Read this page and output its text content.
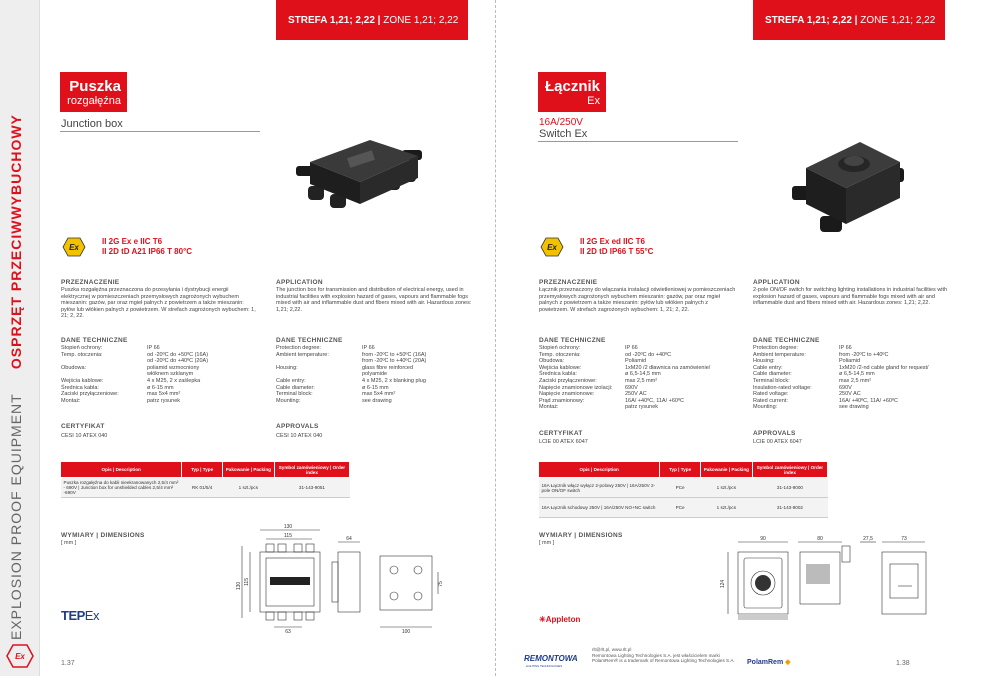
EXPLOSION PROOF EQUIPMENT     OSPRZĘT PRZECIWWYBUCHOWY
Ex
STREFA 1,21; 2,22 | ZONE 1,21; 2,22
Puszka
rozgałęźna
Junction box
Ex
II 2G Ex e IIC T6
II 2D tD A21 IP66 T 80°C
PRZEZNACZENIE
Puszka rozgałęźna przeznaczona do przesyłania i dystrybucji energii elektrycznej w pomieszczeniach przemysłowych zagrożonych wybuchem mieszanin: gazów, par oraz mgieł palnych z powietrzem a także mieszanin: pyłów lub włókien palnych z powietrzem. W strefach zagrożonych wybuchem: 1, 21; 2, 22.
APPLICATION
The junction box for transmission and distribution of electrical energy, used in industrial facilities with explosion hazard of gases, vapours and flammable fogs mixed with air and inflammable dust and fibers mixed with air. Hazardous zones: 1,21; 2,22.
DANE TECHNICZNE
Stopień ochrony:	IP 66
Temp. otoczenia:	od -20ºC do +50ºC (16A)
od -20ºC do +40ºC (20A)
Obudowa:	poliamid wzmocniony
włóknem szklanym
Wejścia kablowe:	4 x M25, 2 x zaślepka
Średnica kabla:	ø 6-15 mm
Zaciski przyłączeniowe:	max 5x4 mm²
Montaż:	patrz rysunek
DANE TECHNICZNE
Protection degree:	IP 66
Ambient temperature:	from -20ºC to +50ºC (16A)
from -20ºC to +40ºC (20A)
Housing:	glass fibre reinforced
polyamide
Cable entry:	4 x M25, 2 x blanking plug
Cable diameter:	ø 6-15 mm
Terminal block:	max 5x4 mm²
Mounting:	see drawing
CERTYFIKAT
CESI 10 ATEX 040
APPROVALS
CESI 10 ATEX 040
Opis | Description	Typ | Type	Pakowanie | Packing	Symbol zamówieniowy | Order index
Puszka rozgałęźna do kabli nieekranowanych 2,5/4 mm² - 690V | Junction box for unshielded cables 2,5/4 mm² -690V	RK 01/5/4	1 szt./pcs	31-143-9051
WYMIARY | DIMENSIONS
[ mm ]
130
115	64
130 115	75
63	100
TEPEx
1.37
STREFA 1,21; 2,22 | ZONE 1,21; 2,22
Łącznik
Ex
16A/250V
Switch Ex
Ex
II 2G Ex ed IIC T6
II 2D tD IP66 T 55°C
PRZEZNACZENIE
Łącznik przeznaczony do włączania instalacji oświetleniowej w pomieszczeniach przemysłowych zagrożonych wybuchem mieszanin: gazów, par oraz mgieł palnych z powietrzem a także mieszanin: pyłów lub włókien palnych z powietrzem. W strefach zagrożonych wybuchem: 1, 21; 2, 22.
APPLICATION
2-pole ON/OF switch for switching lighting installations in industrial facilities with explosion hazard of gases, vapours and flammable fogs mixed with air and inflammable dust and fibers mixed with air. Hazardous zones: 1,21; 2,22.
DANE TECHNICZNE
Stopień ochrony:	IP 66
Temp. otoczenia:	od -20ºC do +40ºC
Obudowa:	Poliamid
Wejścia kablowe:	1xM20 /2 dławnica na zamówienie/
Średnica kabla:	ø 6,5-14,5 mm
Zaciski przyłączeniowe:	max 2,5 mm²
Napięcie znamionowe izolacji:	690V
Napięcie znamionowe:	250V AC
Prąd znamionowy:	16A/ +40ºC, 11A/ +60ºC
Montaż:	patrz rysunek
DANE TECHNICZNE
Protection degree:	IP 66
Ambient temperature:	from -20ºC to +40ºC
Housing:	Poliamid
Cable entry:	1xM20 /2-nd cable gland for request/
Cable diameter:	ø 6,5-14,5 mm
Terminal block:	max 2,5 mm²
Insulation-rated voltage:	690V
Rated voltage:	250V AC
Rated current:	16A/ +40ºC, 11A/ +60ºC
Mounting:	see drawing
CERTYFIKAT
LCIE 00 ATEX 6047
APPROVALS
LCIE 00 ATEX 6047
Opis | Description	Typ | Type	Pakowanie | Packing	Symbol zamówieniowy | Order index
16A Łącznik włącz wyłącz 2-polowy 250V | 16A/250V 2-pole ON/OF switch	PCe	1 szt./pcs	31-143-9000
16A Łącznik schodowy 250V | 16A/250V NO+NC switch	PCe	1 szt./pcs	31-143-9002
WYMIARY | DIMENSIONS
[ mm ]
90	80	27,5	73
124
✳Appleton
REMONTOWA
LIGHTING TECHNOLOGIES
rlt@rlt.pl, www.rlt.pl
Remontowa Lighting Technologies S.A. jest właścicielem marki
PolamRem® is a trademark of Remontowa Lighting Technologies S.A. PolamRem ◆	1.38
